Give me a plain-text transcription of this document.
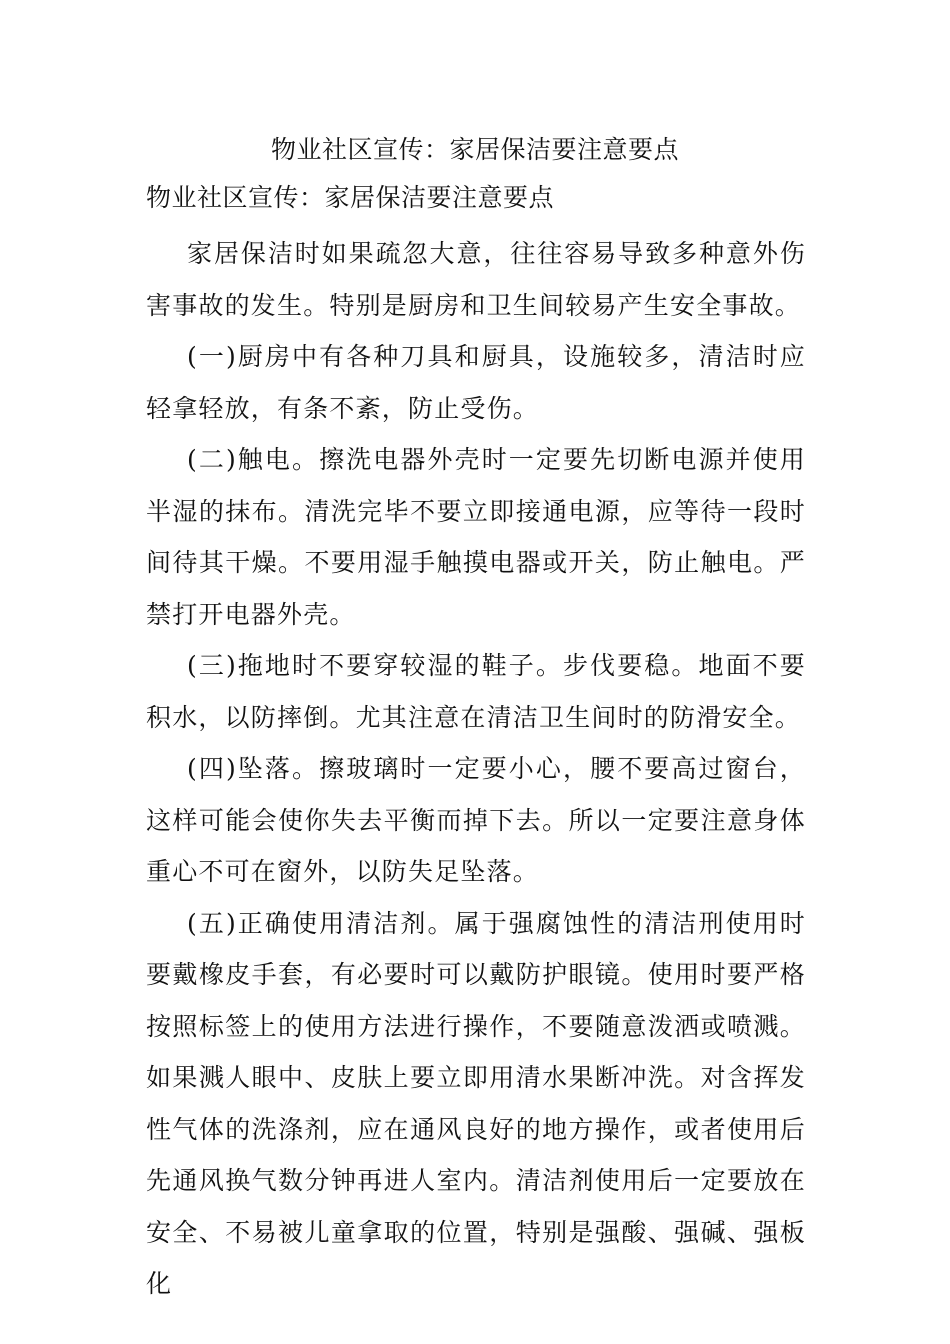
物业社区宣传：家居保洁要注意要点
物业社区宣传：家居保洁要注意要点

家居保洁时如果疏忽大意，往往容易导致多种意外伤害事故的发生。特别是厨房和卫生间较易产生安全事故。

(一)厨房中有各种刀具和厨具，设施较多，清洁时应轻拿轻放，有条不紊，防止受伤。

(二)触电。擦洗电器外壳时一定要先切断电源并使用半湿的抹布。清洗完毕不要立即接通电源，应等待一段时间待其干燥。不要用湿手触摸电器或开关，防止触电。严禁打开电器外壳。

(三)拖地时不要穿较湿的鞋子。步伐要稳。地面不要积水，以防摔倒。尤其注意在清洁卫生间时的防滑安全。

(四)坠落。擦玻璃时一定要小心，腰不要高过窗台，这样可能会使你失去平衡而掉下去。所以一定要注意身体重心不可在窗外，以防失足坠落。

(五)正确使用清洁剂。属于强腐蚀性的清洁刑使用时要戴橡皮手套，有必要时可以戴防护眼镜。使用时要严格按照标签上的使用方法进行操作，不要随意泼洒或喷溅。如果溅人眼中、皮肤上要立即用清水果断冲洗。对含挥发性气体的洗涤剂，应在通风良好的地方操作，或者使用后先通风换气数分钟再进人室内。清洁剂使用后一定要放在安全、不易被儿童拿取的位置，特别是强酸、强碱、强板化
